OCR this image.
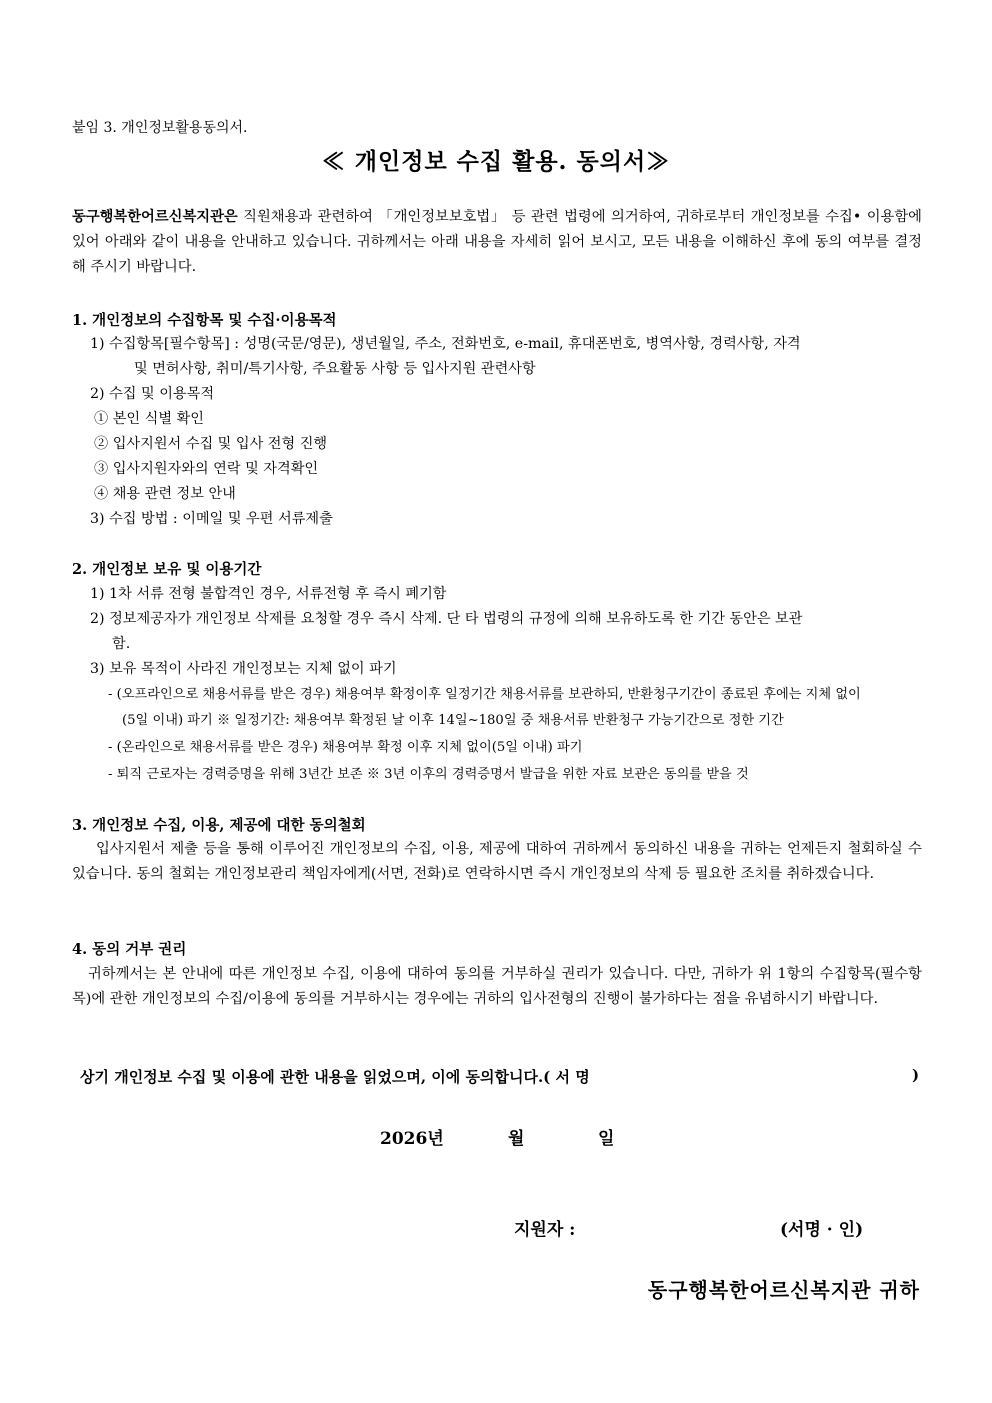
붙임 3. 개인정보활용동의서.
≪ 개인정보 수집 활용. 동의서≫
동구행복한어르신복지관은 직원채용과 관련하여 「개인정보보호법」 등 관련 법령에 의거하여, 귀하로부터 개인정보를 수집• 이용함에 있어 아래와 같이 내용을 안내하고 있습니다. 귀하께서는 아래 내용을 자세히 읽어 보시고, 모든 내용을 이해하신 후에 동의 여부를 결정해 주시기 바랍니다.
1. 개인정보의 수집항목 및 수집·이용목적
1) 수집항목[필수항목] : 성명(국문/영문), 생년월일, 주소, 전화번호, e-mail, 휴대폰번호, 병역사항, 경력사항, 자격
및 면허사항, 취미/특기사항, 주요활동 사항 등 입사지원 관련사항
2) 수집 및 이용목적
① 본인 식별 확인
② 입사지원서 수집 및 입사 전형 진행
③ 입사지원자와의 연락 및 자격확인
④ 채용 관련 정보 안내
3) 수집 방법 : 이메일 및 우편 서류제출
2. 개인정보 보유 및 이용기간
1) 1차 서류 전형 불합격인 경우, 서류전형 후 즉시 폐기함
2) 정보제공자가 개인정보 삭제를 요청할 경우 즉시 삭제. 단 타 법령의 규정에 의해 보유하도록 한 기간 동안은 보관
함.
3) 보유 목적이 사라진 개인정보는 지체 없이 파기
- (오프라인으로 채용서류를 받은 경우) 채용여부 확정이후 일정기간 채용서류를 보관하되, 반환청구기간이 종료된 후에는 지체 없이
(5일 이내) 파기 ※ 일정기간: 채용여부 확정된 날 이후 14일~180일 중 채용서류 반환청구 가능기간으로 정한 기간
- (온라인으로 채용서류를 받은 경우) 채용여부 확정 이후 지체 없이(5일 이내) 파기
- 퇴직 근로자는 경력증명을 위해 3년간 보존 ※ 3년 이후의 경력증명서 발급을 위한 자료 보관은 동의를 받을 것
3. 개인정보 수집, 이용, 제공에 대한 동의철회
입사지원서 제출 등을 통해 이루어진 개인정보의 수집, 이용, 제공에 대하여 귀하께서 동의하신 내용을 귀하는 언제든지 철회하실 수 있습니다. 동의 철회는 개인정보관리 책임자에게(서면, 전화)로 연락하시면 즉시 개인정보의 삭제 등 필요한 조치를 취하겠습니다.
4. 동의 거부 권리
귀하께서는 본 안내에 따른 개인정보 수집, 이용에 대하여 동의를 거부하실 권리가 있습니다. 다만, 귀하가 위 1항의 수집항목(필수항목)에 관한 개인정보의 수집/이용에 동의를 거부하시는 경우에는 귀하의 입사전형의 진행이 불가하다는 점을 유념하시기 바랍니다.
상기 개인정보 수집 및 이용에 관한 내용을 읽었으며, 이에 동의합니다.( 서 명	)
2026년	월	일
지원자 :	(서명 · 인)
동구행복한어르신복지관 귀하
